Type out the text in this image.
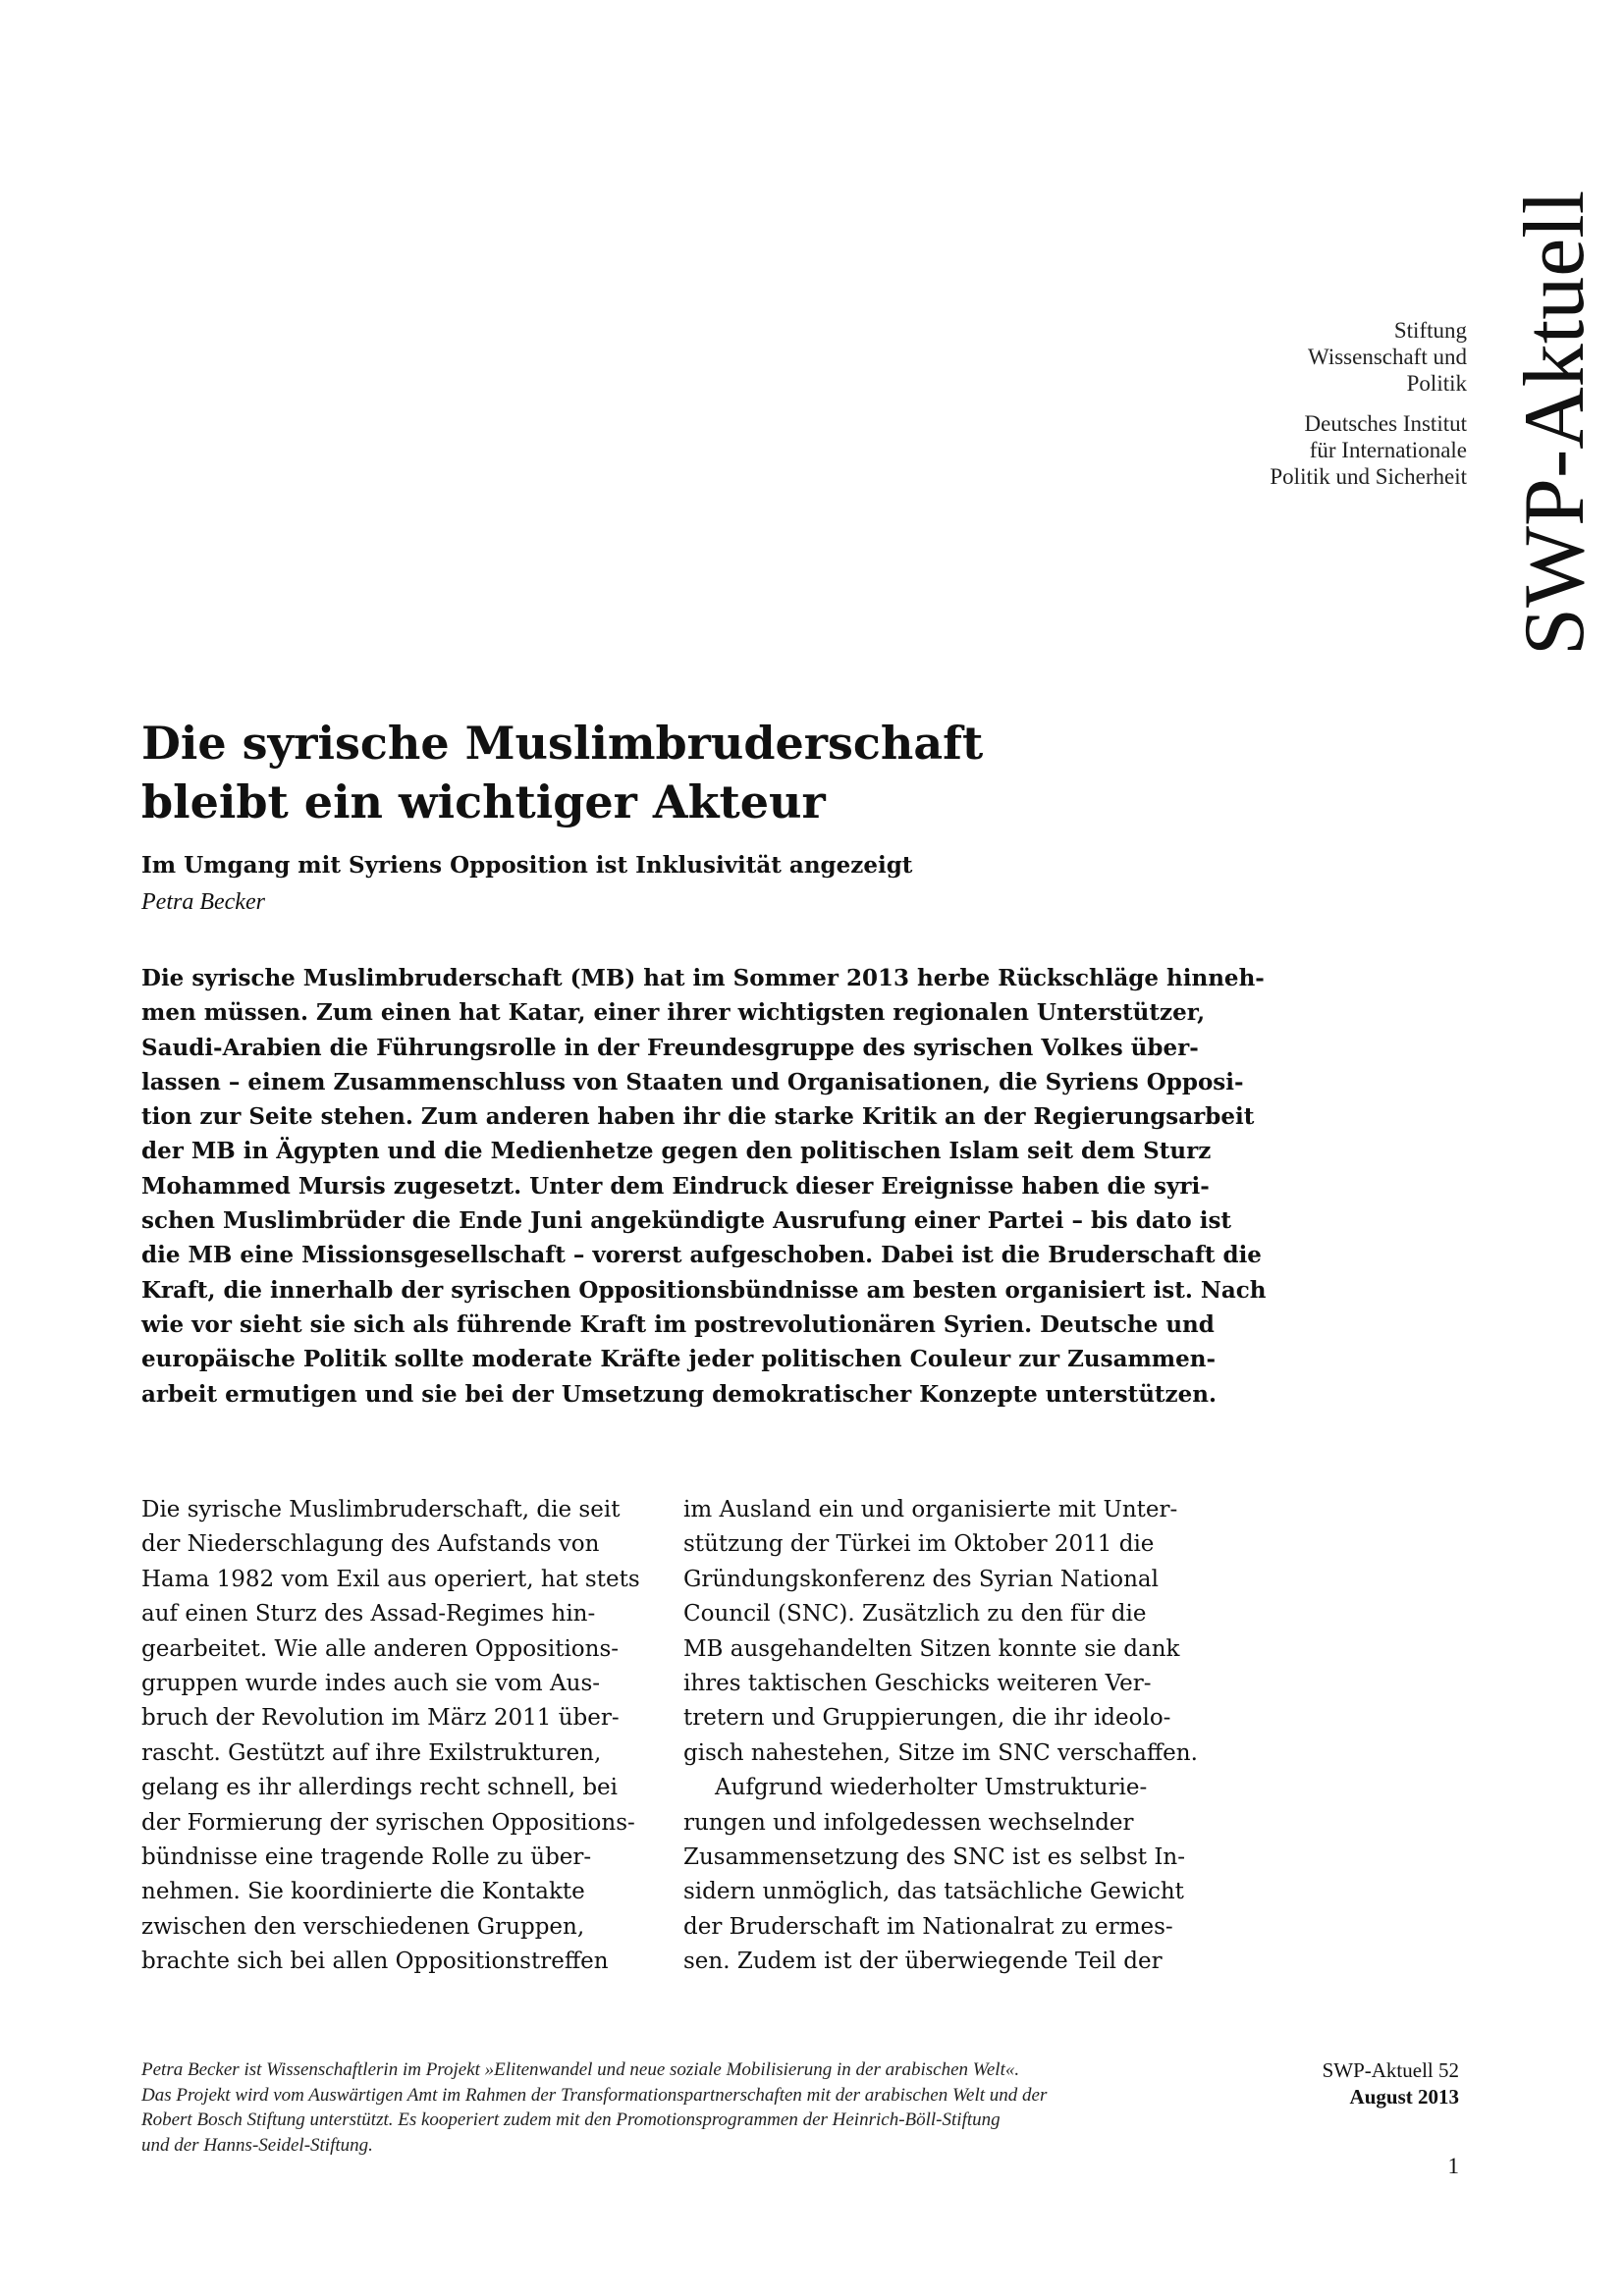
Stiftung
Wissenschaft und
Politik
Deutsches Institut
für Internationale
Politik und Sicherheit SWP-Aktuell
Die syrische Muslimbruderschaft
bleibt ein wichtiger Akteur
Im Umgang mit Syriens Opposition ist Inklusivität angezeigt
Petra Becker
Die syrische Muslimbruderschaft (MB) hat im Sommer 2013 herbe Rückschläge hinneh-
men müssen. Zum einen hat Katar, einer ihrer wichtigsten regionalen Unterstützer,
Saudi-Arabien die Führungsrolle in der Freundesgruppe des syrischen Volkes über-
lassen – einem Zusammenschluss von Staaten und Organisationen, die Syriens Opposi-
tion zur Seite stehen. Zum anderen haben ihr die starke Kritik an der Regierungsarbeit
der MB in Ägypten und die Medienhetze gegen den politischen Islam seit dem Sturz
Mohammed Mursis zugesetzt. Unter dem Eindruck dieser Ereignisse haben die syri-
schen Muslimbrüder die Ende Juni angekündigte Ausrufung einer Partei – bis dato ist
die MB eine Missionsgesellschaft – vorerst aufgeschoben. Dabei ist die Bruderschaft die
Kraft, die innerhalb der syrischen Oppositionsbündnisse am besten organisiert ist. Nach
wie vor sieht sie sich als führende Kraft im postrevolutionären Syrien. Deutsche und
europäische Politik sollte moderate Kräfte jeder politischen Couleur zur Zusammen-
arbeit ermutigen und sie bei der Umsetzung demokratischer Konzepte unterstützen.
Die syrische Muslimbruderschaft, die seit
der Niederschlagung des Aufstands von
Hama 1982 vom Exil aus operiert, hat stets
auf einen Sturz des Assad-Regimes hin-
gearbeitet. Wie alle anderen Oppositions-
gruppen wurde indes auch sie vom Aus-
bruch der Revolution im März 2011 über-
rascht. Gestützt auf ihre Exilstrukturen,
gelang es ihr allerdings recht schnell, bei
der Formierung der syrischen Oppositions-
bündnisse eine tragende Rolle zu über-
nehmen. Sie koordinierte die Kontakte
zwischen den verschiedenen Gruppen,
brachte sich bei allen Oppositionstreffen
im Ausland ein und organisierte mit Unter-
stützung der Türkei im Oktober 2011 die
Gründungskonferenz des Syrian National
Council (SNC). Zusätzlich zu den für die
MB ausgehandelten Sitzen konnte sie dank
ihres taktischen Geschicks weiteren Ver-
tretern und Gruppierungen, die ihr ideolo-
gisch nahestehen, Sitze im SNC verschaffen.
Aufgrund wiederholter Umstrukturie-
rungen und infolgedessen wechselnder
Zusammensetzung des SNC ist es selbst In-
sidern unmöglich, das tatsächliche Gewicht
der Bruderschaft im Nationalrat zu ermes-
sen. Zudem ist der überwiegende Teil der
Petra Becker ist Wissenschaftlerin im Projekt »Elitenwandel und neue soziale Mobilisierung in der arabischen Welt«.
Das Projekt wird vom Auswärtigen Amt im Rahmen der Transformationspartnerschaften mit der arabischen Welt und der
Robert Bosch Stiftung unterstützt. Es kooperiert zudem mit den Promotionsprogrammen der Heinrich-Böll-Stiftung
und der Hanns-Seidel-Stiftung.
SWP-Aktuell 52
August 2013
1
